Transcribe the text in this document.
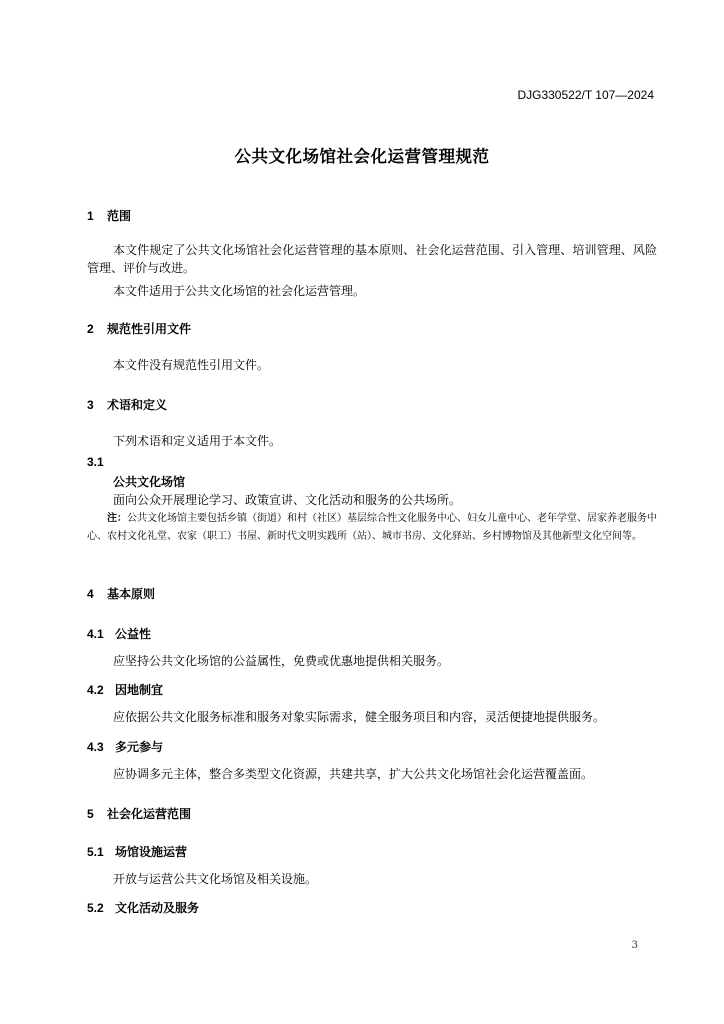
DJG330522/T 107—2024
公共文化场馆社会化运营管理规范
1 范围
本文件规定了公共文化场馆社会化运营管理的基本原则、社会化运营范围、引入管理、培训管理、风险管理、评价与改进。
本文件适用于公共文化场馆的社会化运营管理。
2 规范性引用文件
本文件没有规范性引用文件。
3 术语和定义
下列术语和定义适用于本文件。
3.1
公共文化场馆
面向公众开展理论学习、政策宣讲、文化活动和服务的公共场所。
注：公共文化场馆主要包括乡镇（街道）和村（社区）基层综合性文化服务中心、妇女儿童中心、老年学堂、居家养老服务中心、农村文化礼堂、农家（职工）书屋、新时代文明实践所（站）、城市书房、文化驿站、乡村博物馆及其他新型文化空间等。
4 基本原则
4.1 公益性
应坚持公共文化场馆的公益属性，免费或优惠地提供相关服务。
4.2 因地制宜
应依据公共文化服务标准和服务对象实际需求，健全服务项目和内容，灵活便捷地提供服务。
4.3 多元参与
应协调多元主体，整合多类型文化资源，共建共享，扩大公共文化场馆社会化运营覆盖面。
5 社会化运营范围
5.1 场馆设施运营
开放与运营公共文化场馆及相关设施。
5.2 文化活动及服务
3
